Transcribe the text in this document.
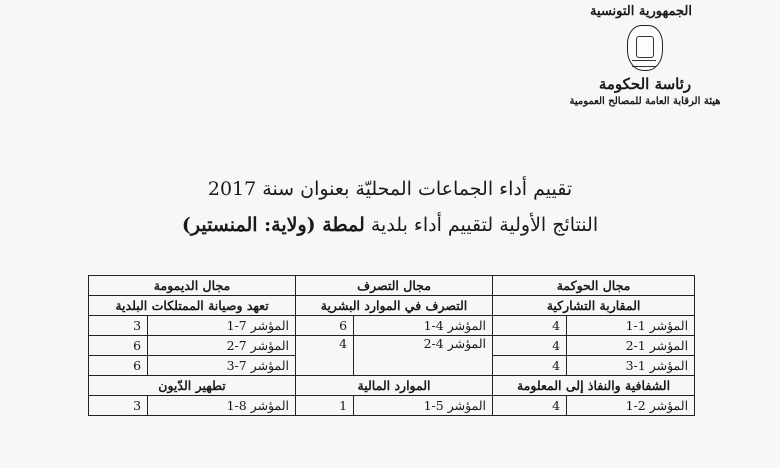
الجمهورية التونسية
رئاسة الحكومة
هيئة الرقابة العامة للمصالح العمومية
تقييم أداء الجماعات المحليّة بعنوان سنة 2017
النتائج الأولية لتقييم أداء بلدية لمطة (ولاية: المنستير)
مجال الحوكمة		مجال التصرف		مجال الديمومة	
المقاربة التشاركية		التصرف في الموارد البشرية		تعهد وصيانة الممتلكات البلدية	
المؤشر 1-1	4	المؤشر 4-1	6	المؤشر 7-1	3
المؤشر 1-2	4	المؤشر 4-2	4	المؤشر 7-2	6
المؤشر 1-3	4			المؤشر 7-3	6
الشفافية والنفاذ إلى المعلومة		الموارد المالية		تطهير الدّيون	
المؤشر 2-1	4	المؤشر 5-1	1	المؤشر 8-1	3
